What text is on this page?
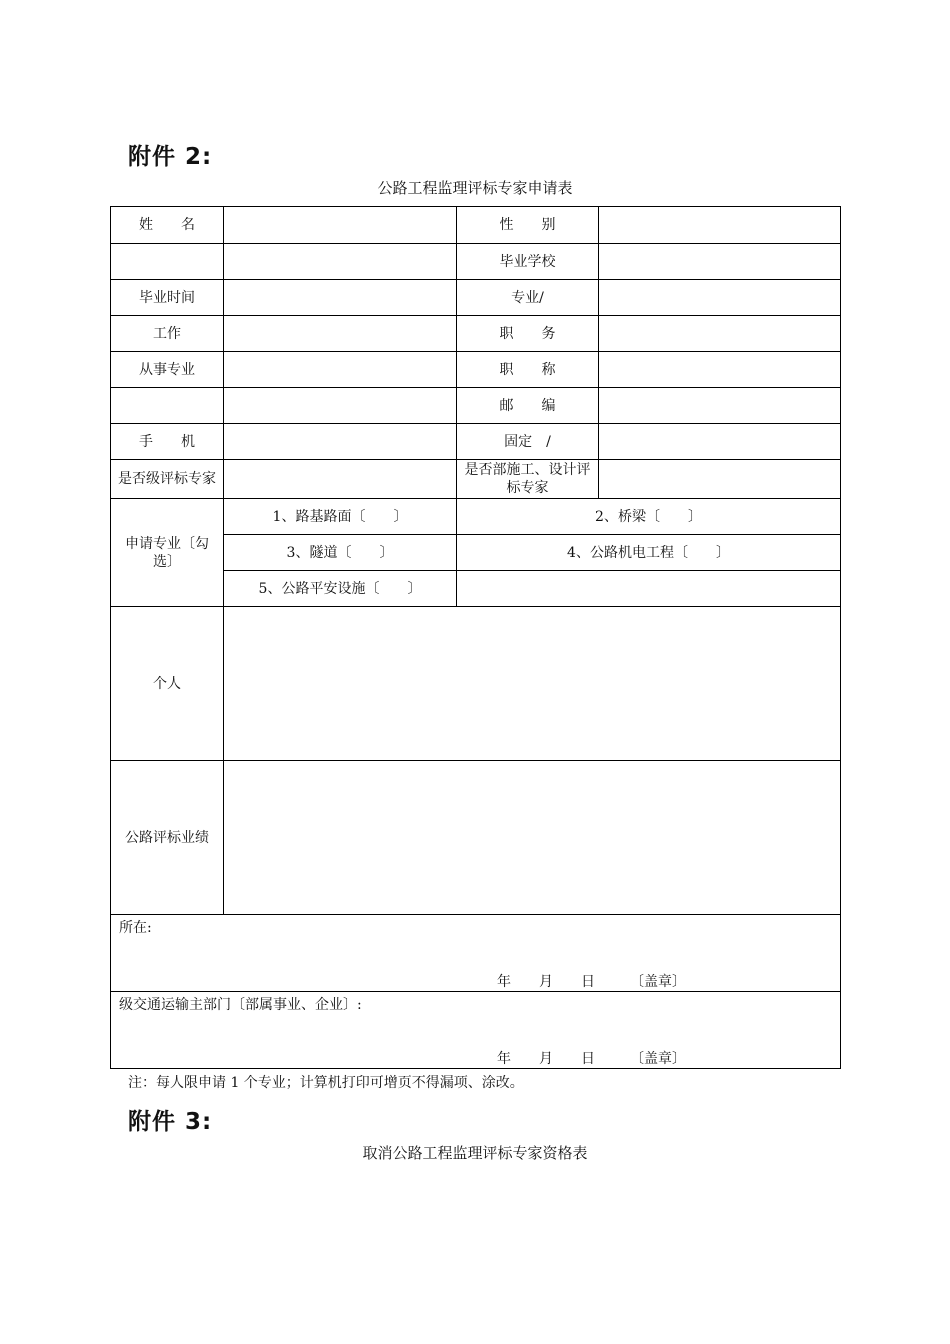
附件 2:
公路工程监理评标专家申请表
姓　　名		性　　别	
		毕业学校	
毕业时间		专业/	
工作		职　　务	
从事专业		职　　称	
		邮　　编	
手　　机		固定　/	
是否级评标专家		是否部施工、设计评标专家	
申请专业〔勾选〕	1、路基路面〔　　〕	2、桥梁〔　　〕	
	3、隧道〔　　〕	4、公路机电工程〔　　〕	
	5、公路平安设施〔　　〕		
个人			
公路评标业绩			

所在:
年　　月　　日　　　〔盖章〕			

级交通运输主部门〔部属事业、企业〕:
年　　月　　日　　　〔盖章〕			
注：每人限申请 1 个专业；计算机打印可增页不得漏项、涂改。
附件 3:
取消公路工程监理评标专家资格表
